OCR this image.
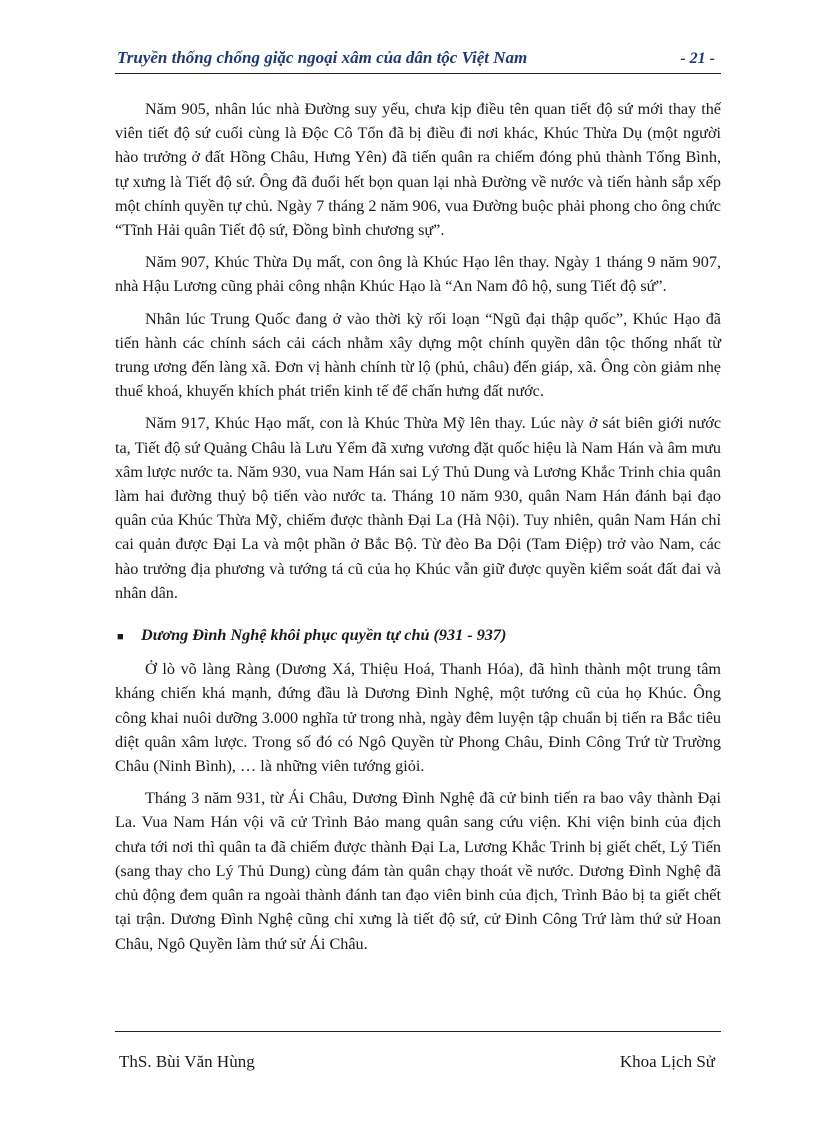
Truyền thống chống giặc ngoại xâm của dân tộc Việt Nam	- 21 -

Năm 905, nhân lúc nhà Đường suy yếu, chưa kịp điều tên quan tiết độ sứ mới thay thế viên tiết độ sứ cuối cùng là Độc Cô Tổn đã bị điều đi nơi khác, Khúc Thừa Dụ (một người hào trưởng ở đất Hồng Châu, Hưng Yên) đã tiến quân ra chiếm đóng phủ thành Tống Bình, tự xưng là Tiết độ sứ. Ông đã đuổi hết bọn quan lại nhà Đường về nước và tiến hành sắp xếp một chính quyền tự chủ. Ngày 7 tháng 2 năm 906, vua Đường buộc phải phong cho ông chức “Tĩnh Hải quân Tiết độ sứ, Đồng bình chương sự”.

Năm 907, Khúc Thừa Dụ mất, con ông là Khúc Hạo lên thay. Ngày 1 tháng 9 năm 907, nhà Hậu Lương cũng phải công nhận Khúc Hạo là “An Nam đô hộ, sung Tiết độ sứ”.

Nhân lúc Trung Quốc đang ở vào thời kỳ rối loạn “Ngũ đại thập quốc”, Khúc Hạo đã tiến hành các chính sách cải cách nhằm xây dựng một chính quyền dân tộc thống nhất từ trung ương đến làng xã. Đơn vị hành chính từ lộ (phủ, châu) đến giáp, xã. Ông còn giảm nhẹ thuế khoá, khuyến khích phát triển kinh tế để chấn hưng đất nước.

Năm 917, Khúc Hạo mất, con là Khúc Thừa Mỹ lên thay. Lúc này ở sát biên giới nước ta, Tiết độ sứ Quảng Châu là Lưu Yểm đã xưng vương đặt quốc hiệu là Nam Hán và âm mưu xâm lược nước ta. Năm 930, vua Nam Hán sai Lý Thủ Dung và Lương Khắc Trinh chia quân làm hai đường thuỷ bộ tiến vào nước ta. Tháng 10 năm 930, quân Nam Hán đánh bại đạo quân của Khúc Thừa Mỹ, chiếm được thành Đại La (Hà Nội). Tuy nhiên, quân Nam Hán chỉ cai quản được Đại La và một phần ở Bắc Bộ. Từ đèo Ba Dội (Tam Điệp) trở vào Nam, các hào trưởng địa phương và tướng tá cũ của họ Khúc vẫn giữ được quyền kiểm soát đất đai và nhân dân.

■	Dương Đình Nghệ khôi phục quyền tự chủ (931 - 937)

Ở lò võ làng Ràng (Dương Xá, Thiệu Hoá, Thanh Hóa), đã hình thành một trung tâm kháng chiến khá mạnh, đứng đầu là Dương Đình Nghệ, một tướng cũ của họ Khúc. Ông công khai nuôi dưỡng 3.000 nghĩa tử trong nhà, ngày đêm luyện tập chuẩn bị tiến ra Bắc tiêu diệt quân xâm lược. Trong số đó có Ngô Quyền từ Phong Châu, Đinh Công Trứ từ Trường Châu (Ninh Bình), … là những viên tướng giỏi.

Tháng 3 năm 931, từ Ái Châu, Dương Đình Nghệ đã cử binh tiến ra bao vây thành Đại La. Vua Nam Hán vội vã cử Trình Bảo mang quân sang cứu viện. Khi viện binh của địch chưa tới nơi thì quân ta đã chiếm được thành Đại La, Lương Khắc Trinh bị giết chết, Lý Tiến (sang thay cho Lý Thủ Dung) cùng đám tàn quân chạy thoát về nước. Dương Đình Nghệ đã chủ động đem quân ra ngoài thành đánh tan đạo viên binh của địch, Trình Bảo bị ta giết chết tại trận. Dương Đình Nghệ cũng chỉ xưng là tiết độ sứ, cử Đinh Công Trứ làm thứ sử Hoan Châu, Ngô Quyền làm thứ sử Ái Châu.

ThS. Bùi Văn Hùng	Khoa Lịch Sử
